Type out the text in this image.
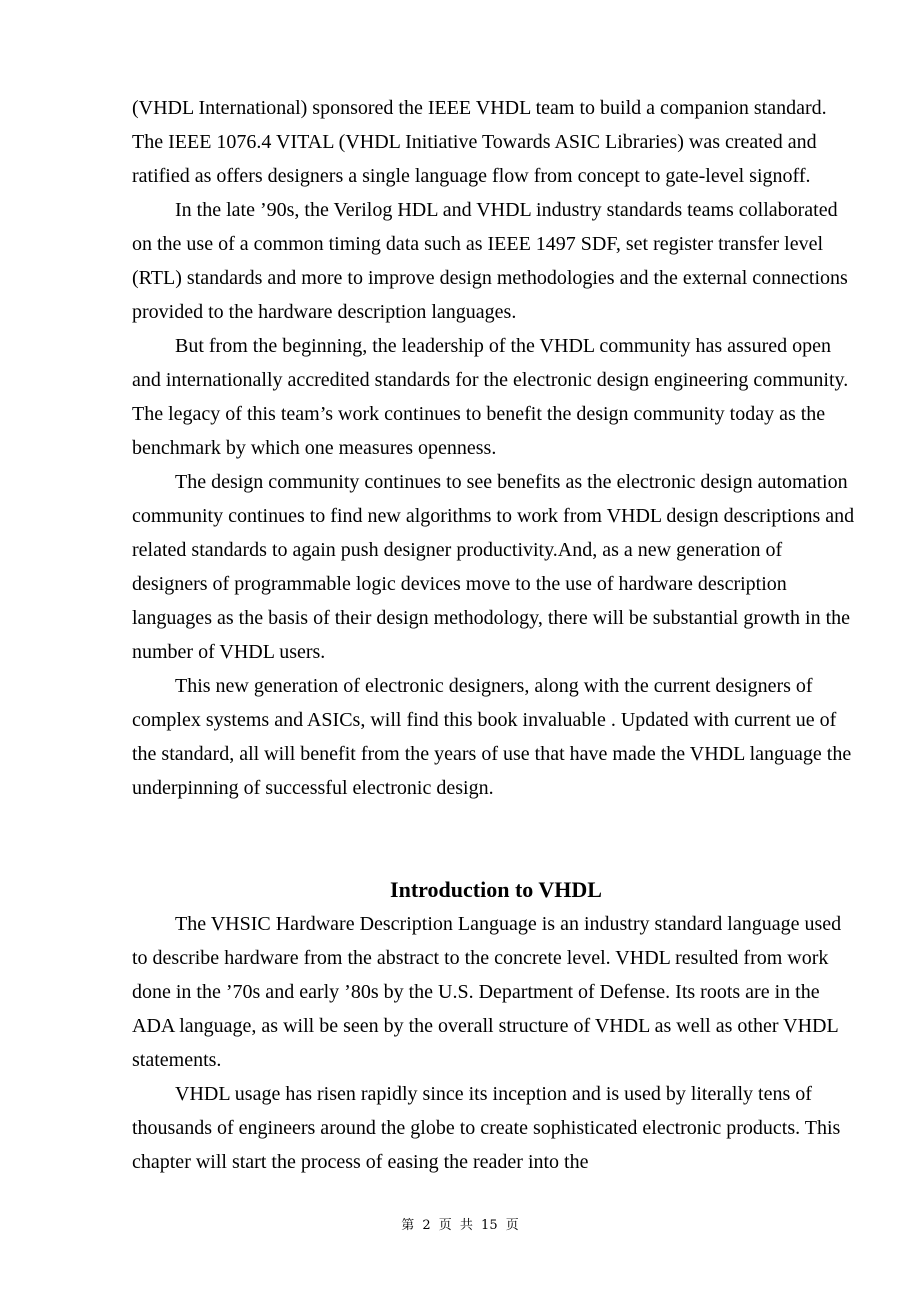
(VHDL International) sponsored the IEEE VHDL team to build a companion standard. The IEEE 1076.4 VITAL (VHDL Initiative Towards ASIC Libraries) was created and ratified as offers designers a single language flow from concept to gate-level signoff.

In the late ’90s, the Verilog HDL and VHDL industry standards teams collaborated on the use of a common timing data such as IEEE 1497 SDF, set register transfer level (RTL) standards and more to improve design methodologies and the external connections provided to the hardware description languages.

But from the beginning, the leadership of the VHDL community has assured open and internationally accredited standards for the electronic design engineering community. The legacy of this team’s work continues to benefit the design community today as the benchmark by which one measures openness.

The design community continues to see benefits as the electronic design automation community continues to find new algorithms to work from VHDL design descriptions and related standards to again push designer productivity.And, as a new generation of designers of programmable logic devices move to the use of hardware description languages as the basis of their design methodology, there will be substantial growth in the number of VHDL users.

This new generation of electronic designers, along with the current designers of complex systems and ASICs, will find this book invaluable . Updated with current ue of the standard, all will benefit from the years of use that have made the VHDL language the underpinning of successful electronic design.

Introduction to VHDL

The VHSIC Hardware Description Language is an industry standard language used to describe hardware from the abstract to the concrete level. VHDL resulted from work done in the ’70s and early ’80s by the U.S. Department of Defense. Its roots are in the ADA language, as will be seen by the overall structure of VHDL as well as other VHDL statements.

VHDL usage has risen rapidly since its inception and is used by literally tens of thousands of engineers around the globe to create sophisticated electronic products. This chapter will start the process of easing the reader into the

第 2 页 共 15 页
